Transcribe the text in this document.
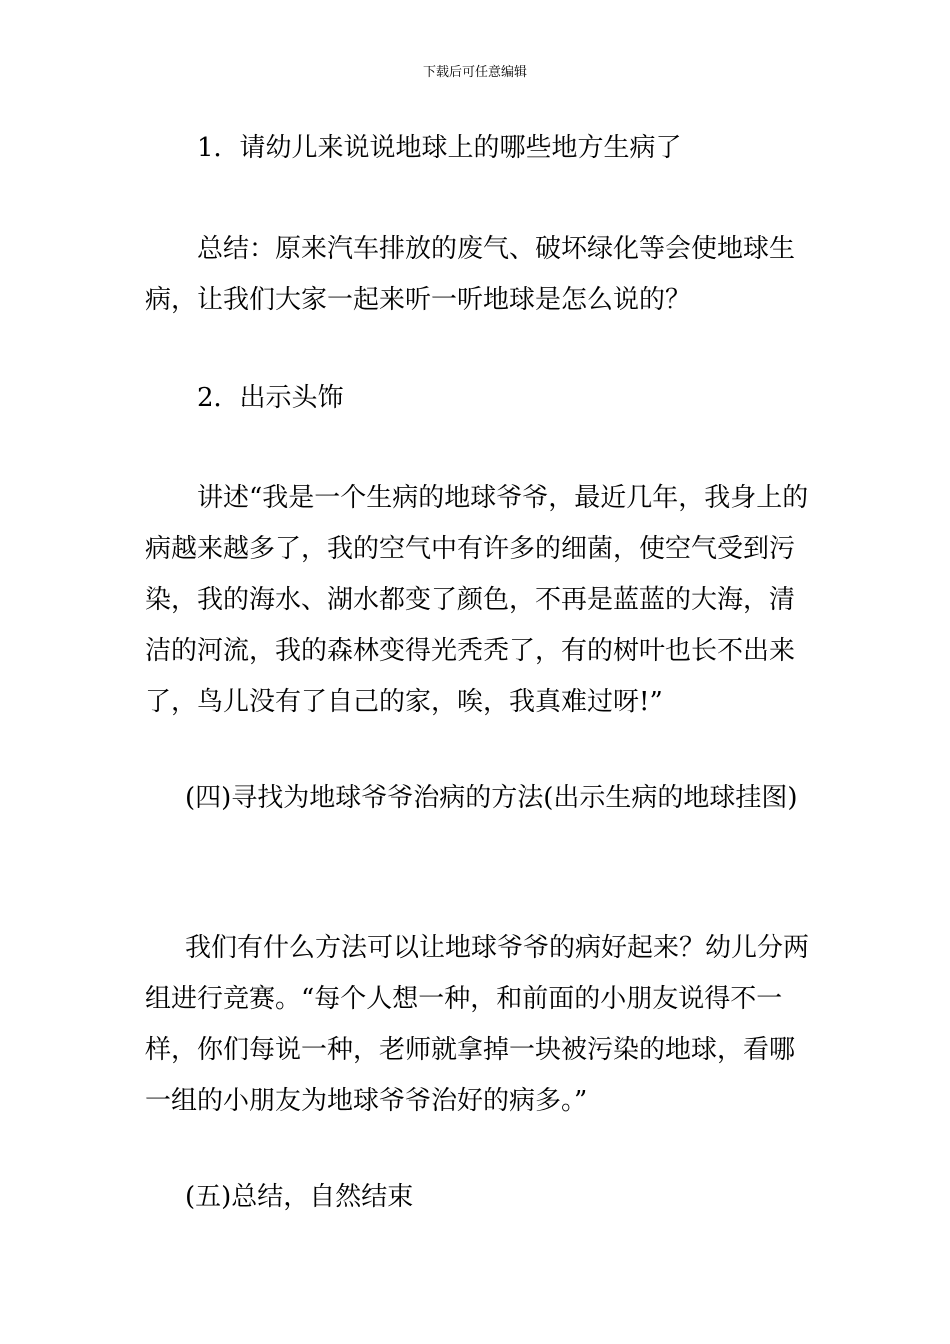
下载后可任意编辑
1．请幼儿来说说地球上的哪些地方生病了
总结：原来汽车排放的废气、破坏绿化等会使地球生病，让我们大家一起来听一听地球是怎么说的？
2．出示头饰
讲述“我是一个生病的地球爷爷，最近几年，我身上的病越来越多了，我的空气中有许多的细菌，使空气受到污染，我的海水、湖水都变了颜色，不再是蓝蓝的大海，清洁的河流，我的森林变得光秃秃了，有的树叶也长不出来了，鸟儿没有了自己的家，唉，我真难过呀!”
(四)寻找为地球爷爷治病的方法(出示生病的地球挂图)
我们有什么方法可以让地球爷爷的病好起来？幼儿分两组进行竞赛。“每个人想一种，和前面的小朋友说得不一样，你们每说一种，老师就拿掉一块被污染的地球，看哪一组的小朋友为地球爷爷治好的病多。”
(五)总结，自然结束
